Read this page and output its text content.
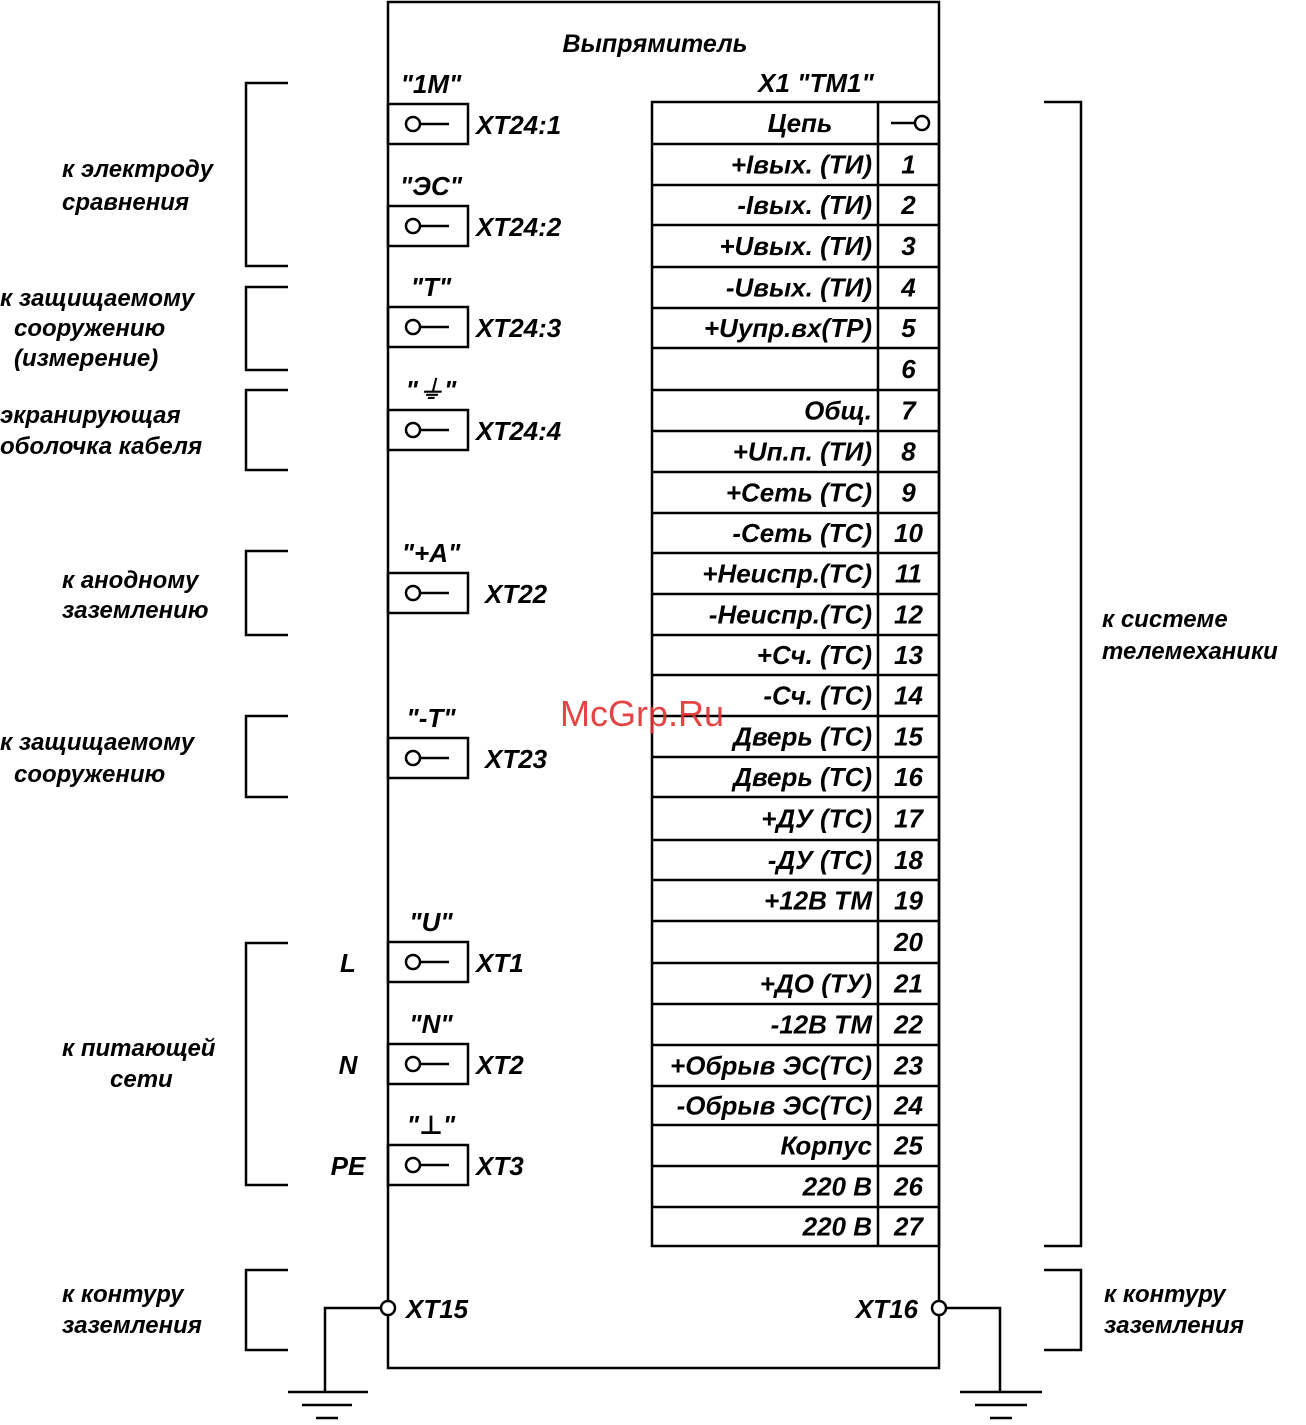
Выпрямитель
X1 "TM1"
Цепь
+Iвых. (ТИ) 1
-Iвых. (ТИ) 2
+Uвых. (ТИ) 3
-Uвых. (ТИ) 4
+Uупр.вх(ТР) 5
6
Общ. 7
+Uп.п. (ТИ) 8
+Сеть (ТС) 9
-Сеть (ТС) 10
+Неиспр.(ТС) 11
-Неиспр.(ТС) 12
+Сч. (ТС) 13
-Сч. (ТС) 14
Дверь (ТС) 15
Дверь (ТС) 16
+ДУ (ТС) 17
-ДУ (ТС) 18
+12В ТМ 19
20
+ДО (ТУ) 21
-12В ТМ 22
+Обрыв ЭС(ТС) 23
-Обрыв ЭС(ТС) 24
Корпус 25
220 В 26
220 В 27
"1M"
XT24:1
"ЭС"
XT24:2
"T"
XT24:3
"⏚"
XT24:4
"+A"
XT22
"-T"
XT23
"U"
XT1
"N"
XT2
"⊥"
XT3
XT15	XT16
к электроду
сравнения
к защищаемому
сооружению
(измерение)
экранирующая
оболочка кабеля
к анодному
заземлению
к защищаемому
сооружению
к питающей
сети
к контуру
заземления
к системе
телемеханики
к контуру
заземления
L
N
PE
McGrp.Ru
